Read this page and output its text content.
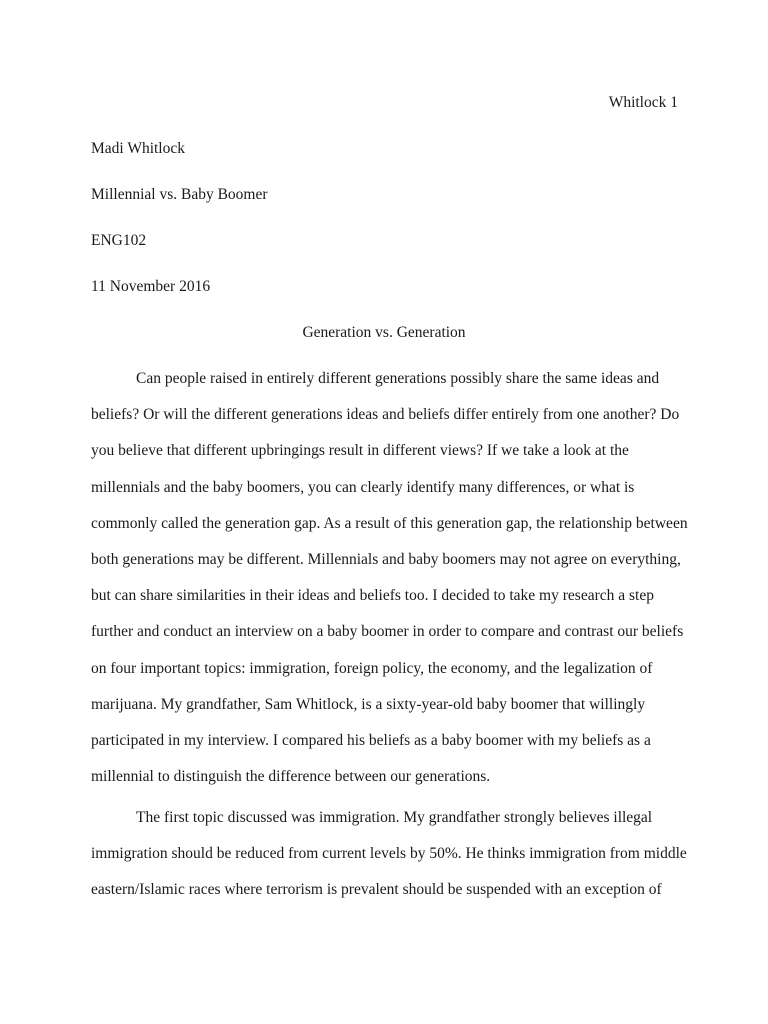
Whitlock 1
Madi Whitlock
Millennial vs. Baby Boomer
ENG102
11 November 2016
Generation vs. Generation
Can people raised in entirely different generations possibly share the same ideas and
beliefs? Or will the different generations ideas and beliefs differ entirely from one another? Do
you believe that different upbringings result in different views? If we take a look at the
millennials and the baby boomers, you can clearly identify many differences, or what is
commonly called the generation gap. As a result of this generation gap, the relationship between
both generations may be different. Millennials and baby boomers may not agree on everything,
but can share similarities in their ideas and beliefs too. I decided to take my research a step
further and conduct an interview on a baby boomer in order to compare and contrast our beliefs
on four important topics: immigration, foreign policy, the economy, and the legalization of
marijuana. My grandfather, Sam Whitlock, is a sixty-year-old baby boomer that willingly
participated in my interview. I compared his beliefs as a baby boomer with my beliefs as a
millennial to distinguish the difference between our generations.
The first topic discussed was immigration. My grandfather strongly believes illegal
immigration should be reduced from current levels by 50%. He thinks immigration from middle
eastern/Islamic races where terrorism is prevalent should be suspended with an exception of
